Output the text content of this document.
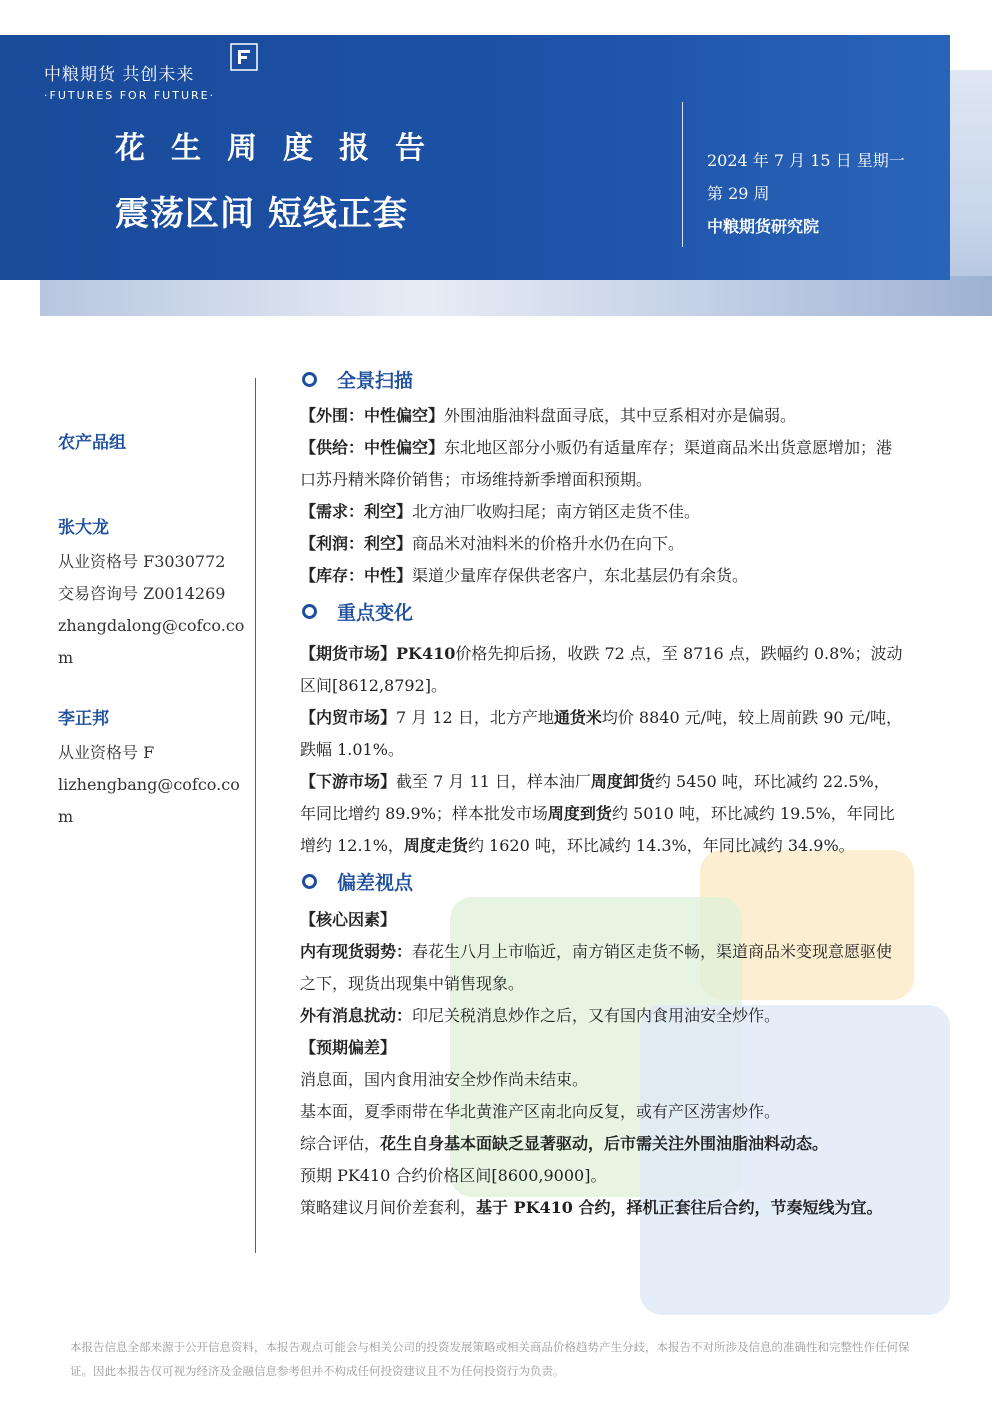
中粮期货 共创未来
·FUTURES FOR FUTURE·
花生周度报告
震荡区间 短线正套
2024 年 7 月 15 日 星期一
第 29 周
中粮期货研究院
农产品组
张大龙
从业资格号 F3030772
交易咨询号 Z0014269
zhangdalong@cofco.com
李正邦
从业资格号 F
lizhengbang@cofco.com
全景扫描

【外围：中性偏空】外围油脂油料盘面寻底，其中豆系相对亦是偏弱。

【供给：中性偏空】东北地区部分小贩仍有适量库存；渠道商品米出货意愿增加；港口苏丹精米降价销售；市场维持新季增面积预期。

【需求：利空】北方油厂收购扫尾；南方销区走货不佳。

【利润：利空】商品米对油料米的价格升水仍在向下。

【库存：中性】渠道少量库存保供老客户，东北基层仍有余货。

重点变化

【期货市场】PK410价格先抑后扬，收跌 72 点，至 8716 点，跌幅约 0.8%；波动区间[8612,8792]。

【内贸市场】7 月 12 日，北方产地通货米均价 8840 元/吨，较上周前跌 90 元/吨，跌幅 1.01%。

【下游市场】截至 7 月 11 日，样本油厂周度卸货约 5450 吨，环比减约 22.5%，年同比增约 89.9%；样本批发市场周度到货约 5010 吨，环比减约 19.5%，年同比增约 12.1%，周度走货约 1620 吨，环比减约 14.3%，年同比减约 34.9%。

偏差视点

【核心因素】

内有现货弱势：春花生八月上市临近，南方销区走货不畅，渠道商品米变现意愿驱使之下，现货出现集中销售现象。

外有消息扰动：印尼关税消息炒作之后，又有国内食用油安全炒作。

【预期偏差】

消息面，国内食用油安全炒作尚未结束。

基本面，夏季雨带在华北黄淮产区南北向反复，或有产区涝害炒作。

综合评估，花生自身基本面缺乏显著驱动，后市需关注外围油脂油料动态。

预期 PK410 合约价格区间[8600,9000]。

策略建议月间价差套利，基于 PK410 合约，择机正套往后合约，节奏短线为宜。

本报告信息全部来源于公开信息资料，本报告观点可能会与相关公司的投资发展策略或相关商品价格趋势产生分歧，本报告不对所涉及信息的准确性和完整性作任何保证。因此本报告仅可视为经济及金融信息参考但并不构成任何投资建议且不为任何投资行为负责。
